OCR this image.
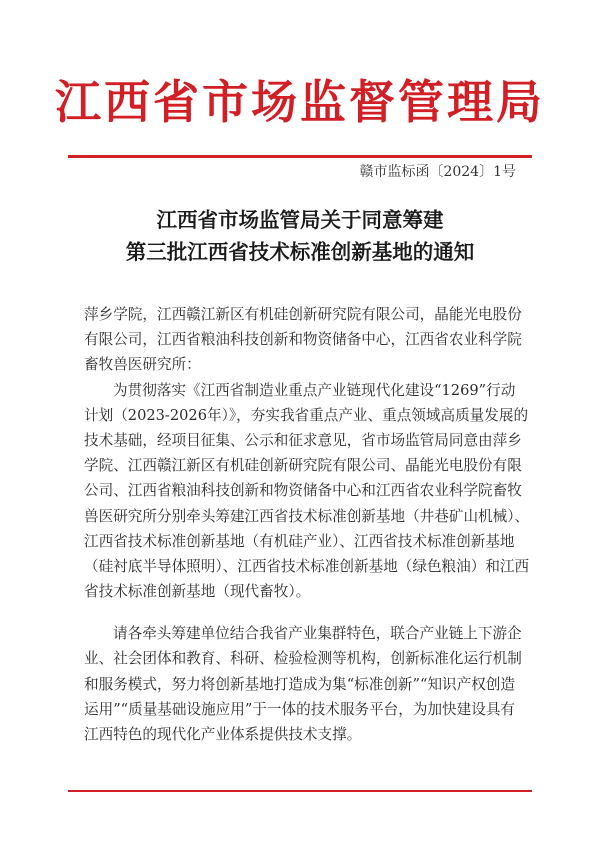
江西省市场监督管理局
赣市监标函〔2024〕1号
江西省市场监管局关于同意筹建
第三批江西省技术标准创新基地的通知
萍乡学院，江西赣江新区有机硅创新研究院有限公司，晶能光电股份
有限公司，江西省粮油科技创新和物资储备中心，江西省农业科学院
畜牧兽医研究所：
为贯彻落实《江西省制造业重点产业链现代化建设“1269”行动
计划（2023-2026年）》，夯实我省重点产业、重点领域高质量发展的
技术基础，经项目征集、公示和征求意见，省市场监管局同意由萍乡
学院、江西赣江新区有机硅创新研究院有限公司、晶能光电股份有限
公司、江西省粮油科技创新和物资储备中心和江西省农业科学院畜牧
兽医研究所分别牵头筹建江西省技术标准创新基地（井巷矿山机械）、
江西省技术标准创新基地（有机硅产业）、江西省技术标准创新基地
（硅衬底半导体照明）、江西省技术标准创新基地（绿色粮油）和江西
省技术标准创新基地（现代畜牧）。
请各牵头筹建单位结合我省产业集群特色，联合产业链上下游企
业、社会团体和教育、科研、检验检测等机构，创新标准化运行机制
和服务模式，努力将创新基地打造成为集“标准创新”“知识产权创造
运用”“质量基础设施应用”于一体的技术服务平台，为加快建设具有
江西特色的现代化产业体系提供技术支撑。
